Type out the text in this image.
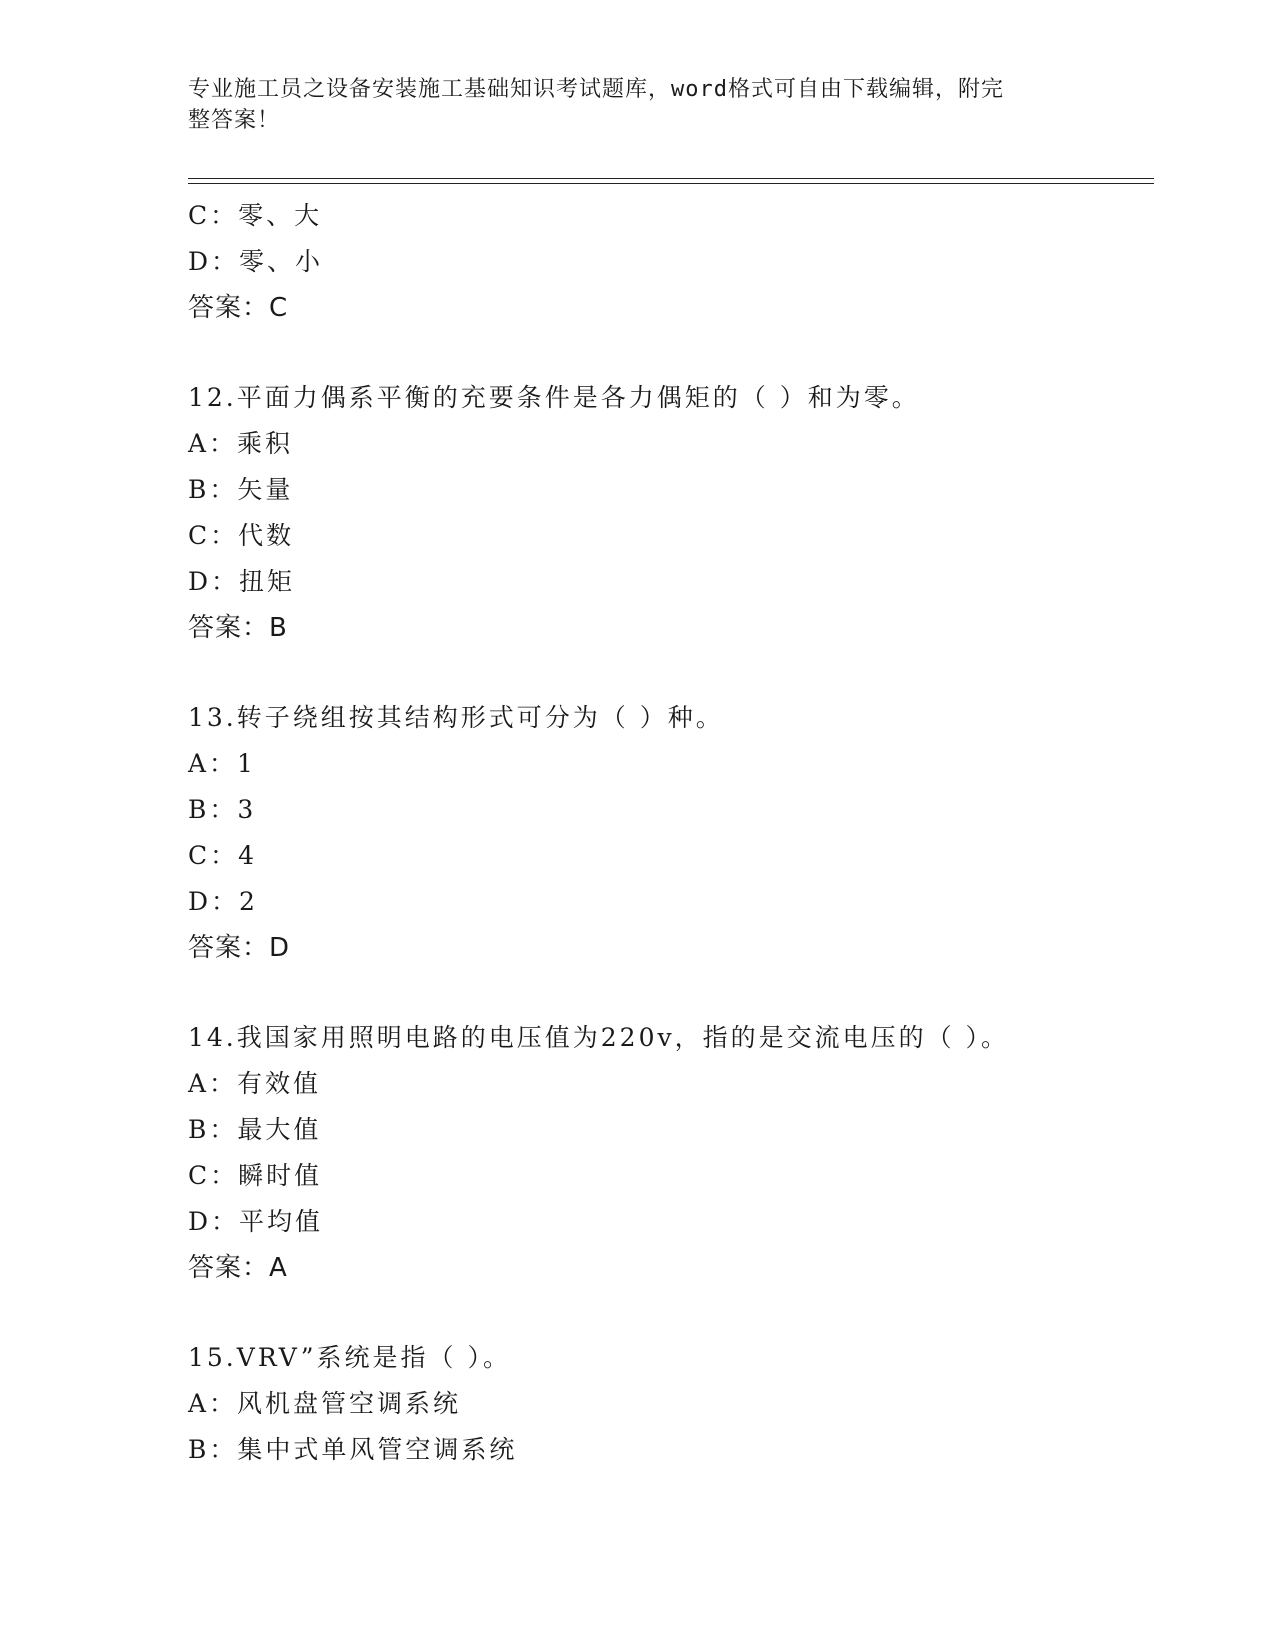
专业施工员之设备安装施工基础知识考试题库，word格式可自由下载编辑，附完
整答案！
C：零、大
D：零、小
答案：C
12.平面力偶系平衡的充要条件是各力偶矩的（ ）和为零。
A：乘积
B：矢量
C：代数
D：扭矩
答案：B
13.转子绕组按其结构形式可分为（ ）种。
A：1
B：3
C：4
D：2
答案：D
14.我国家用照明电路的电压值为220v，指的是交流电压的（ ）。
A：有效值
B：最大值
C：瞬时值
D：平均值
答案：A
15.VRV”系统是指（ ）。
A：风机盘管空调系统
B：集中式单风管空调系统
